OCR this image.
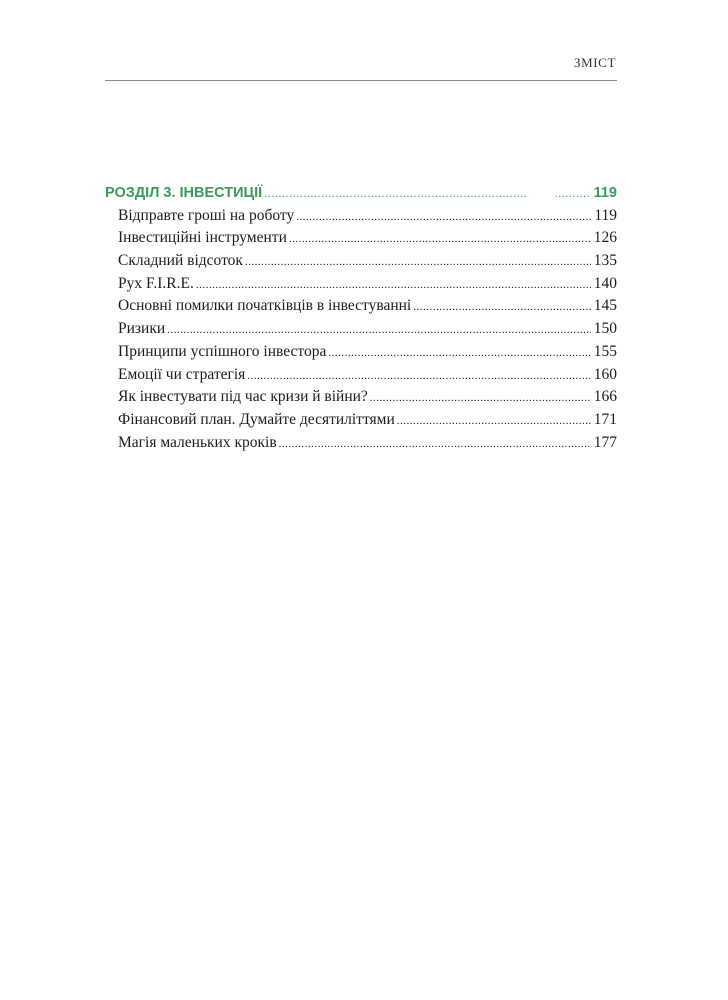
ЗМІСТ
РОЗДІЛ 3. ІНВЕСТИЦІЇ ..... .....	119
Відправте гроші на роботу .....	119
Інвестиційні інструменти .....	126
Складний відсоток .....	135
Рух F.I.R.E. .....	140
Основні помилки початківців в інвестуванні .....	145
Ризики .....	150
Принципи успішного інвестора .....	155
Емоції чи стратегія .....	160
Як інвестувати під час кризи й війни? .....	166
Фінансовий план. Думайте десятиліттями .....	171
Магія маленьких кроків .....	177
